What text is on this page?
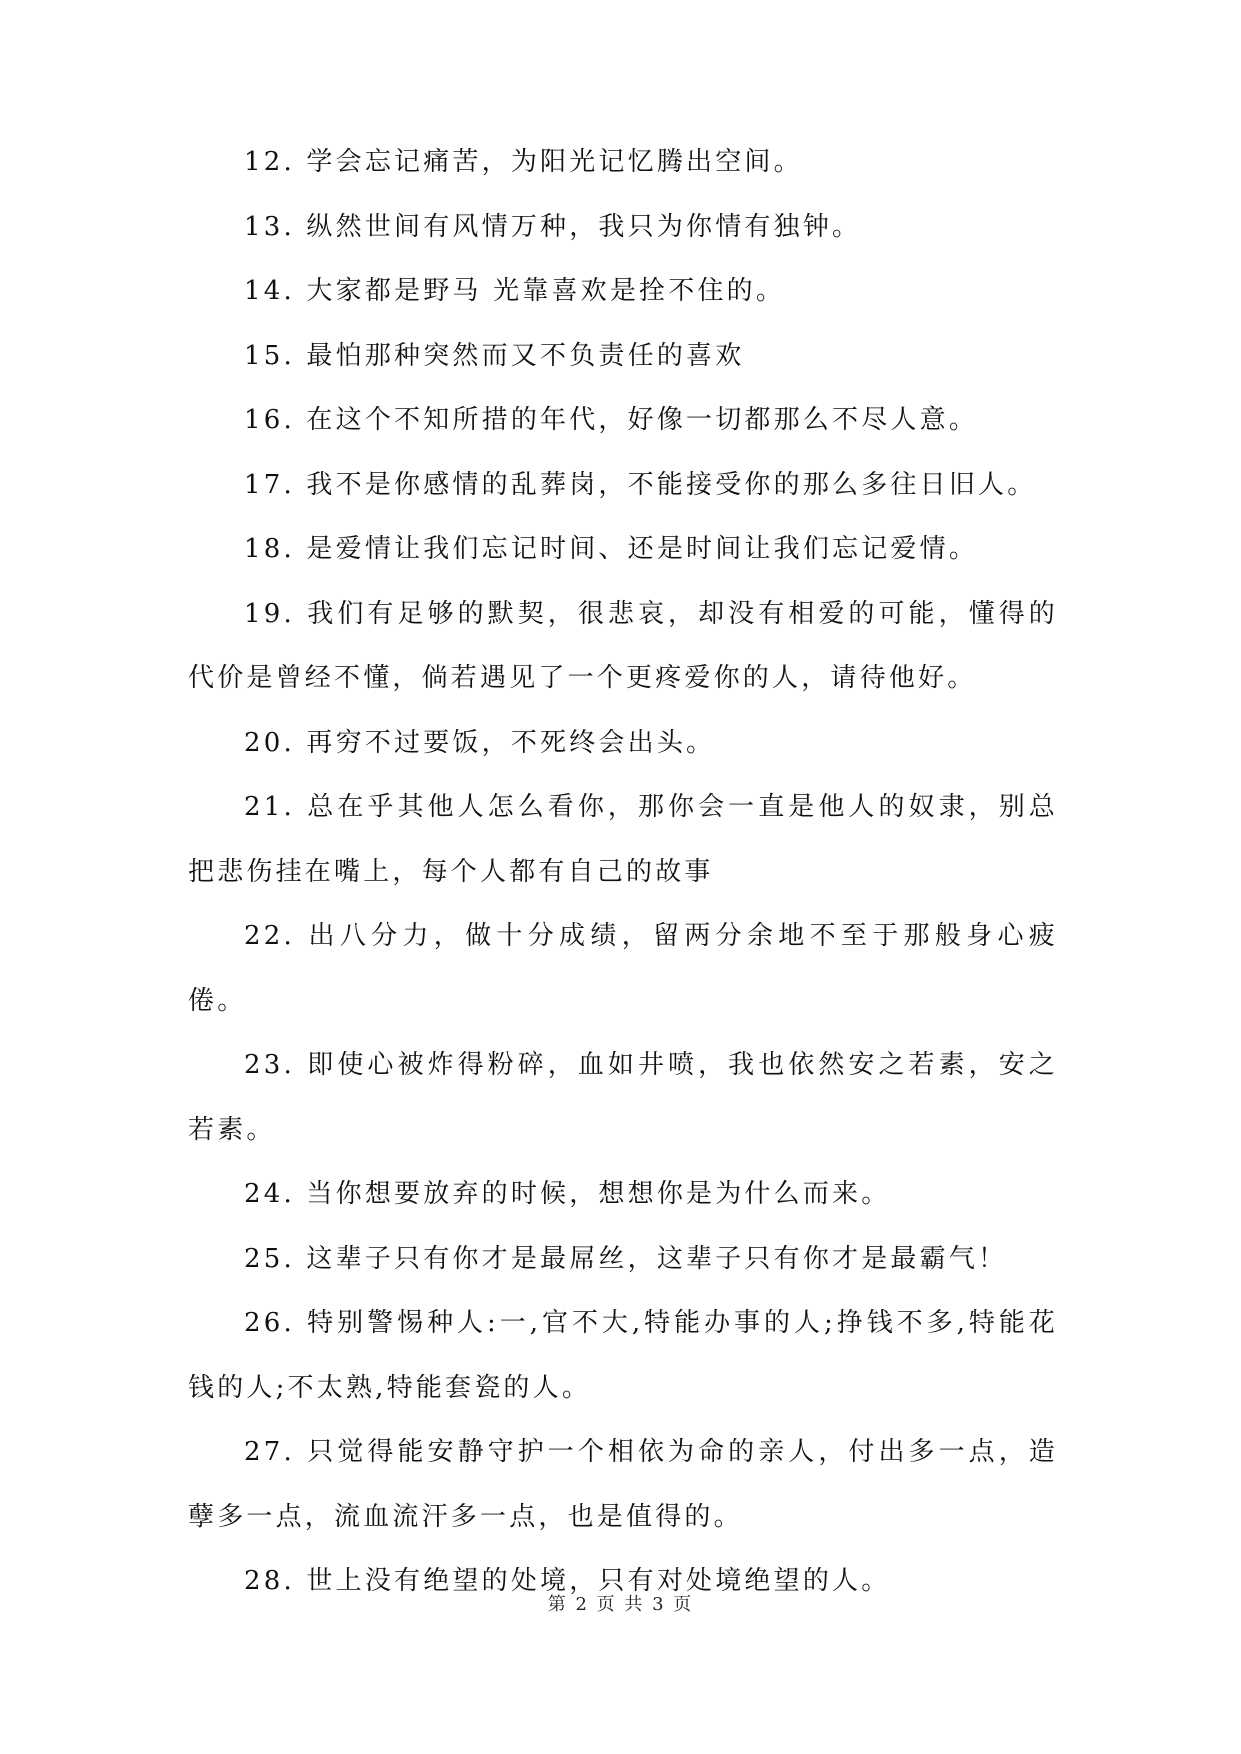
12. 学会忘记痛苦，为阳光记忆腾出空间。

13. 纵然世间有风情万种，我只为你情有独钟。

14. 大家都是野马 光靠喜欢是拴不住的。

15. 最怕那种突然而又不负责任的喜欢

16. 在这个不知所措的年代，好像一切都那么不尽人意。

17. 我不是你感情的乱葬岗，不能接受你的那么多往日旧人。

18. 是爱情让我们忘记时间、还是时间让我们忘记爱情。

19. 我们有足够的默契，很悲哀，却没有相爱的可能，懂得的代价是曾经不懂，倘若遇见了一个更疼爱你的人，请待他好。

20. 再穷不过要饭，不死终会出头。

21. 总在乎其他人怎么看你，那你会一直是他人的奴隶，别总把悲伤挂在嘴上，每个人都有自己的故事

22. 出八分力，做十分成绩，留两分余地不至于那般身心疲倦。

23. 即使心被炸得粉碎，血如井喷，我也依然安之若素，安之若素。

24. 当你想要放弃的时候，想想你是为什么而来。

25. 这辈子只有你才是最屌丝，这辈子只有你才是最霸气！

26. 特别警惕种人:一,官不大,特能办事的人;挣钱不多,特能花钱的人;不太熟,特能套瓷的人。

27. 只觉得能安静守护一个相依为命的亲人，付出多一点，造孽多一点，流血流汗多一点，也是值得的。

28. 世上没有绝望的处境，只有对处境绝望的人。

第 2 页 共 3 页
